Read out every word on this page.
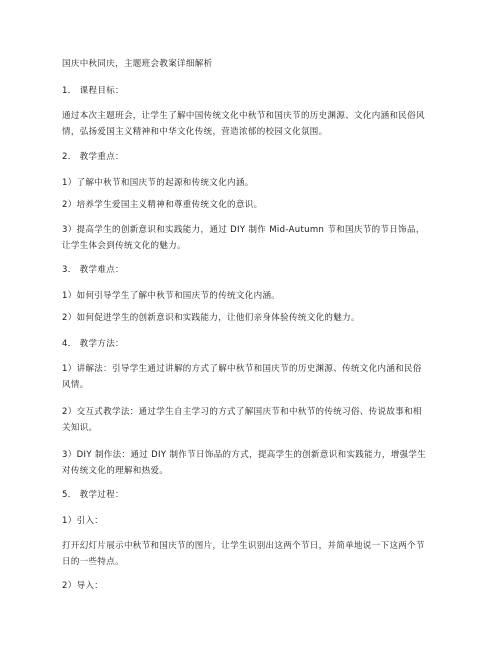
国庆中秋同庆，主题班会教案详细解析
1． 课程目标：
通过本次主题班会，让学生了解中国传统文化中秋节和国庆节的历史渊源、文化内涵和民俗风
情，弘扬爱国主义精神和中华文化传统，营造浓郁的校园文化氛围。
2． 教学重点：
1）了解中秋节和国庆节的起源和传统文化内涵。
2）培养学生爱国主义精神和尊重传统文化的意识。
3）提高学生的创新意识和实践能力，通过 DIY 制作 Mid-Autumn 节和国庆节的节日饰品，
让学生体会到传统文化的魅力。
3． 教学难点：
1）如何引导学生了解中秋节和国庆节的传统文化内涵。
2）如何促进学生的创新意识和实践能力，让他们亲身体验传统文化的魅力。
4． 教学方法：
1）讲解法：引导学生通过讲解的方式了解中秋节和国庆节的历史渊源、传统文化内涵和民俗
风情。
2）交互式教学法：通过学生自主学习的方式了解国庆节和中秋节的传统习俗、传说故事和相
关知识。
3）DIY 制作法：通过 DIY 制作节日饰品的方式，提高学生的创新意识和实践能力，增强学生
对传统文化的理解和热爱。
5． 教学过程：
1）引入：
打开幻灯片展示中秋节和国庆节的图片，让学生识别出这两个节日，并简单地说一下这两个节
日的一些特点。
2）导入：
